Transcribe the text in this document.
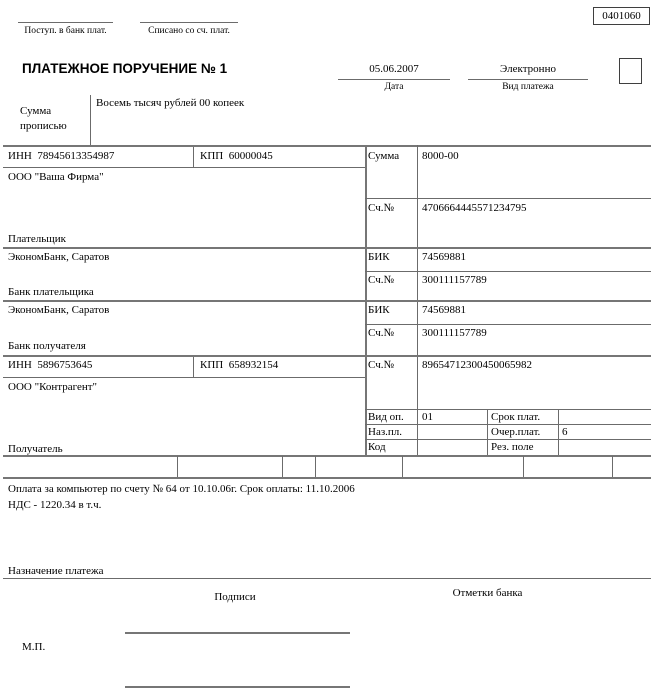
Поступ. в банк плат.	Списано со сч. плат.
0401060
ПЛАТЕЖНОЕ ПОРУЧЕНИЕ № 1	05.06.2007
Дата
Электронно
Вид платежа
Сумма прописью
Восемь тысяч рублей 00 копеек
ИНН  78945613354987	КПП  60000045
ООО "Ваша Фирма"
Плательщик
Сумма 8000-00
Сч.№	4706664445571234795
ЭкономБанк, Саратов
Банк плательщика
БИК	74569881
Сч.№	300111157789
ЭкономБанк, Саратов
Банк получателя
БИК	74569881
Сч.№	300111157789
ИНН  5896753645	КПП  658932154
ООО "Контрагент"
Получатель
Сч.№	89654712300450065982
Вид оп. 01	Срок плат.
Наз.пл.	Очер.плат. 6
Код	Рез. поле
Оплата за компьютер по счету № 64 от 10.10.06г. Срок оплаты: 11.10.2006
НДС - 1220.34 в т.ч.
Назначение платежа
Подписи	Отметки банка
М.П.
